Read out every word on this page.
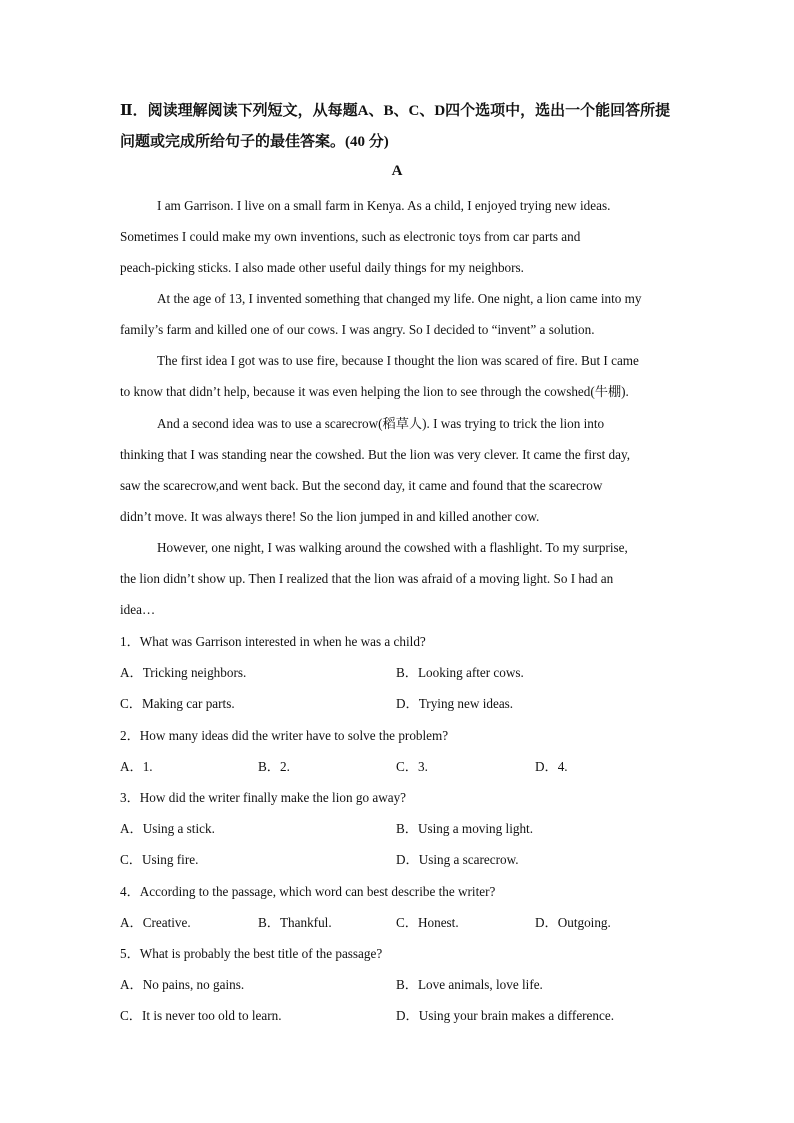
Ⅱ．阅读理解阅读下列短文，从每题A、B、C、D四个选项中，选出一个能回答所提问题或完成所给句子的最佳答案。(40 分)
A
I am Garrison. I live on a small farm in Kenya. As a child, I enjoyed trying new ideas.
Sometimes I could make my own inventions, such as electronic toys from car parts and
peach-picking sticks. I also made other useful daily things for my neighbors.
At the age of 13, I invented something that changed my life. One night, a lion came into my
family’s farm and killed one of our cows. I was angry. So I decided to “invent” a solution.
The first idea I got was to use fire, because I thought the lion was scared of fire. But I came
to know that didn’t help, because it was even helping the lion to see through the cowshed(牛棚).
And a second idea was to use a scarecrow(稻草人). I was trying to trick the lion into
thinking that I was standing near the cowshed. But the lion was very clever. It came the first day,
saw the scarecrow,and went back. But the second day, it came and found that the scarecrow
didn’t move. It was always there! So the lion jumped in and killed another cow.
However, one night, I was walking around the cowshed with a flashlight. To my surprise,
the lion didn’t show up. Then I realized that the lion was afraid of a moving light. So I had an
idea…
1．What was Garrison interested in when he was a child?
A．Tricking neighbors.	B．Looking after cows.
C．Making car parts.	D．Trying new ideas.
2．How many ideas did the writer have to solve the problem?
A．1.	B．2.	C．3.	D．4.
3．How did the writer finally make the lion go away?
A．Using a stick.	B．Using a moving light.
C．Using fire.	D．Using a scarecrow.
4．According to the passage, which word can best describe the writer?
A．Creative.	B．Thankful.	C．Honest.	D．Outgoing.
5．What is probably the best title of the passage?
A．No pains, no gains.	B．Love animals, love life.
C．It is never too old to learn.	D．Using your brain makes a difference.
